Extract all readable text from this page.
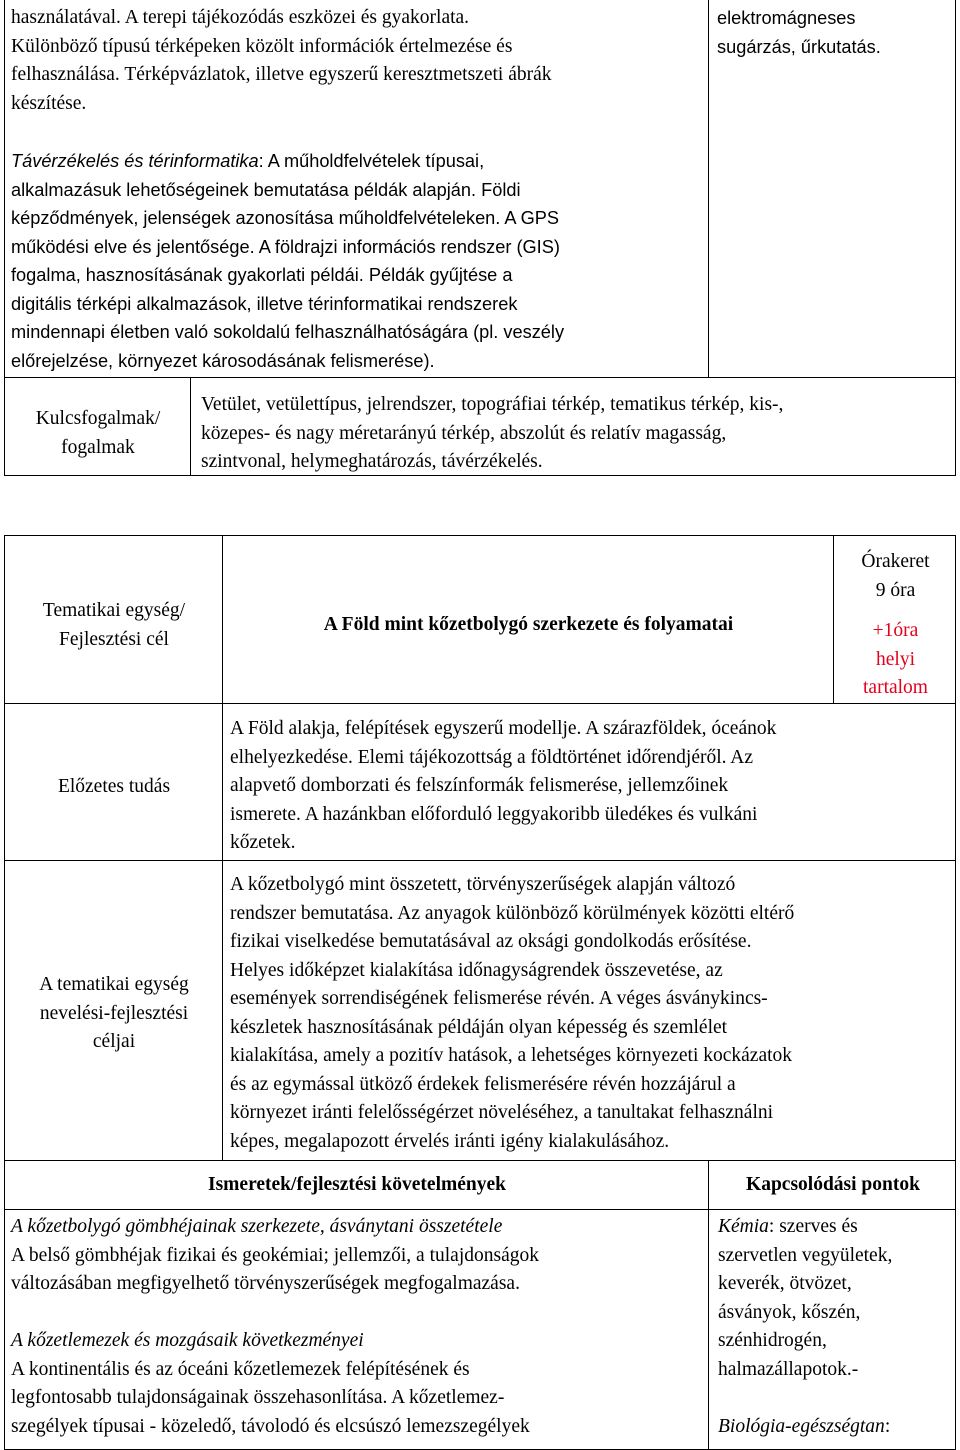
használatával. A terepi tájékozódás eszközei és gyakorlata.

Különböző típusú térképeken közölt információk értelmezése és

felhasználása. Térképvázlatok, illetve egyszerű keresztmetszeti ábrák

készítése.

Távérzékelés és térinformatika: A műholdfelvételek típusai,

alkalmazásuk lehetőségeinek bemutatása példák alapján. Földi

képződmények, jelenségek azonosítása műholdfelvételeken. A GPS

működési elve és jelentősége. A földrajzi információs rendszer (GIS)

fogalma, hasznosításának gyakorlati példái. Példák gyűjtése a

digitális térképi alkalmazások, illetve térinformatikai rendszerek

mindennapi életben való sokoldalú felhasználhatóságára (pl. veszély

előrejelzése, környezet károsodásának felismerése).

elektromágneses

sugárzás, űrkutatás.

Kulcsfogalmak/

fogalmak

Vetület, vetülettípus, jelrendszer, topográfiai térkép, tematikus térkép, kis-,

közepes- és nagy méretarányú térkép, abszolút és relatív magasság,

szintvonal, helymeghatározás, távérzékelés.

Tematikai egység/

Fejlesztési cél

A Föld mint kőzetbolygó szerkezete és folyamatai

Órakeret

9 óra

+1óra

helyi

tartalom

Előzetes tudás

A Föld alakja, felépítések egyszerű modellje. A szárazföldek, óceánok

elhelyezkedése. Elemi tájékozottság a földtörténet időrendjéről. Az

alapvető domborzati és felszínformák felismerése, jellemzőinek

ismerete. A hazánkban előforduló leggyakoribb üledékes és vulkáni

kőzetek.

A tematikai egység

nevelési-fejlesztési

céljai

A kőzetbolygó mint összetett, törvényszerűségek alapján változó

rendszer bemutatása. Az anyagok különböző körülmények közötti eltérő

fizikai viselkedése bemutatásával az oksági gondolkodás erősítése.

Helyes időképzet kialakítása időnagyságrendek összevetése, az

események sorrendiségének felismerése révén. A véges ásványkincs-

készletek hasznosításának példáján olyan képesség és szemlélet

kialakítása, amely a pozitív hatások, a lehetséges környezeti kockázatok

és az egymással ütköző érdekek felismerésére révén hozzájárul a

környezet iránti felelősségérzet növeléséhez, a tanultakat felhasználni

képes, megalapozott érvelés iránti igény kialakulásához.

Ismeretek/fejlesztési követelmények	Kapcsolódási pontok

A kőzetbolygó gömbhéjainak szerkezete, ásványtani összetétele

A belső gömbhéjak fizikai és geokémiai; jellemzői, a tulajdonságok

változásában megfigyelhető törvényszerűségek megfogalmazása.

A kőzetlemezek és mozgásaik következményei

A kontinentális és az óceáni kőzetlemezek felépítésének és

legfontosabb tulajdonságainak összehasonlítása. A kőzetlemez-

szegélyek típusai - közeledő, távolodó és elcsúszó lemezszegélyek

Kémia: szerves és

szervetlen vegyületek,

keverék, ötvözet,

ásványok, kőszén,

szénhidrogén,

halmazállapotok.-

Biológia-egészségtan:
